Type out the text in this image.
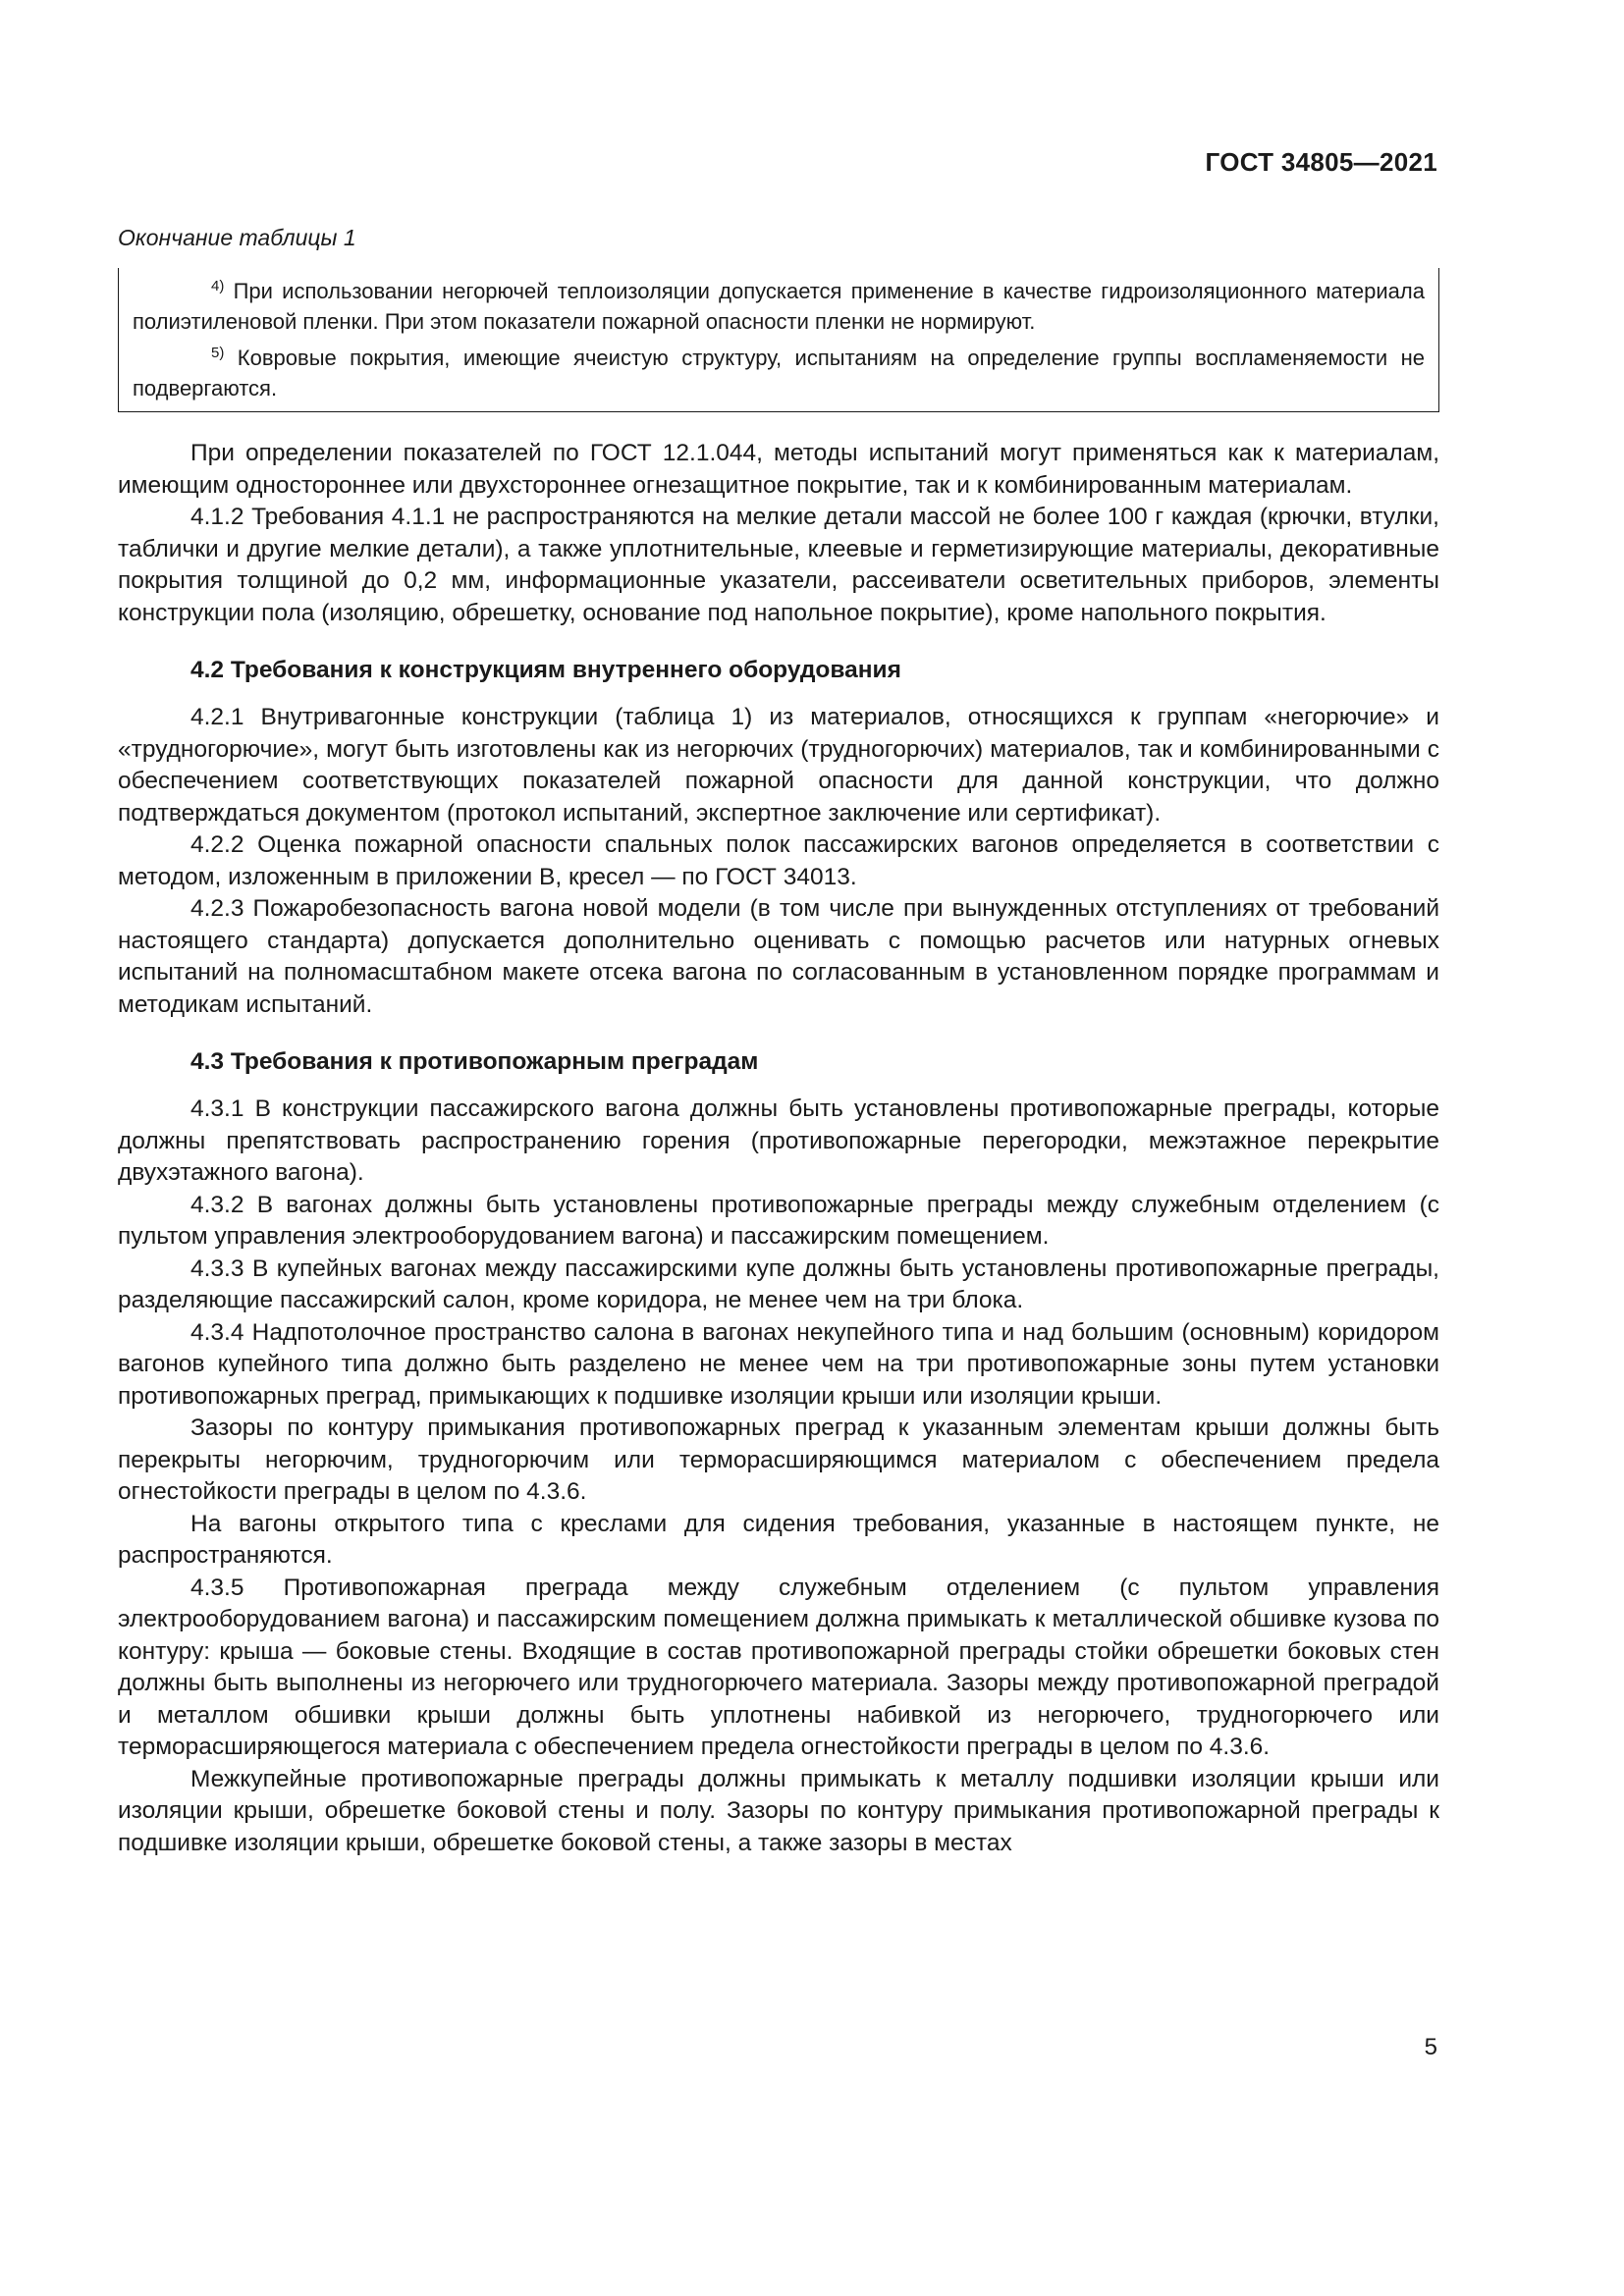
ГОСТ 34805—2021
Окончание таблицы 1

$^{4)}$ При использовании негорючей теплоизоляции допускается применение в качестве гидроизоляционного материала полиэтиленовой пленки. При этом показатели пожарной опасности пленки не нормируют.

$^{5)}$ Ковровые покрытия, имеющие ячеистую структуру, испытаниям на определение группы воспламеняемости не подвергаются.

При определении показателей по ГОСТ 12.1.044, методы испытаний могут применяться как к материалам, имеющим одностороннее или двухстороннее огнезащитное покрытие, так и к комбинированным материалам.

4.1.2 Требования 4.1.1 не распространяются на мелкие детали массой не более 100 г каждая (крючки, втулки, таблички и другие мелкие детали), а также уплотнительные, клеевые и герметизирующие материалы, декоративные покрытия толщиной до 0,2 мм, информационные указатели, рассеиватели осветительных приборов, элементы конструкции пола (изоляцию, обрешетку, основание под напольное покрытие), кроме напольного покрытия.

4.2 Требования к конструкциям внутреннего оборудования

4.2.1 Внутривагонные конструкции (таблица 1) из материалов, относящихся к группам «негорючие» и «трудногорючие», могут быть изготовлены как из негорючих (трудногорючих) материалов, так и комбинированными с обеспечением соответствующих показателей пожарной опасности для данной конструкции, что должно подтверждаться документом (протокол испытаний, экспертное заключение или сертификат).

4.2.2 Оценка пожарной опасности спальных полок пассажирских вагонов определяется в соответствии с методом, изложенным в приложении В, кресел — по ГОСТ 34013.

4.2.3 Пожаробезопасность вагона новой модели (в том числе при вынужденных отступлениях от требований настоящего стандарта) допускается дополнительно оценивать с помощью расчетов или натурных огневых испытаний на полномасштабном макете отсека вагона по согласованным в установленном порядке программам и методикам испытаний.

4.3 Требования к противопожарным преградам

4.3.1 В конструкции пассажирского вагона должны быть установлены противопожарные преграды, которые должны препятствовать распространению горения (противопожарные перегородки, межэтажное перекрытие двухэтажного вагона).

4.3.2 В вагонах должны быть установлены противопожарные преграды между служебным отделением (с пультом управления электрооборудованием вагона) и пассажирским помещением.

4.3.3 В купейных вагонах между пассажирскими купе должны быть установлены противопожарные преграды, разделяющие пассажирский салон, кроме коридора, не менее чем на три блока.

4.3.4 Надпотолочное пространство салона в вагонах некупейного типа и над большим (основным) коридором вагонов купейного типа должно быть разделено не менее чем на три противопожарные зоны путем установки противопожарных преград, примыкающих к подшивке изоляции крыши или изоляции крыши.

Зазоры по контуру примыкания противопожарных преград к указанным элементам крыши должны быть перекрыты негорючим, трудногорючим или терморасширяющимся материалом с обеспечением предела огнестойкости преграды в целом по 4.3.6.

На вагоны открытого типа с креслами для сидения требования, указанные в настоящем пункте, не распространяются.

4.3.5 Противопожарная преграда между служебным отделением (с пультом управления электрооборудованием вагона) и пассажирским помещением должна примыкать к металлической обшивке кузова по контуру: крыша — боковые стены. Входящие в состав противопожарной преграды стойки обрешетки боковых стен должны быть выполнены из негорючего или трудногорючего материала. Зазоры между противопожарной преградой и металлом обшивки крыши должны быть уплотнены набивкой из негорючего, трудногорючего или терморасширяющегося материала с обеспечением предела огнестойкости преграды в целом по 4.3.6.

Межкупейные противопожарные преграды должны примыкать к металлу подшивки изоляции крыши или изоляции крыши, обрешетке боковой стены и полу. Зазоры по контуру примыкания противопожарной преграды к подшивке изоляции крыши, обрешетке боковой стены, а также зазоры в местах

5
